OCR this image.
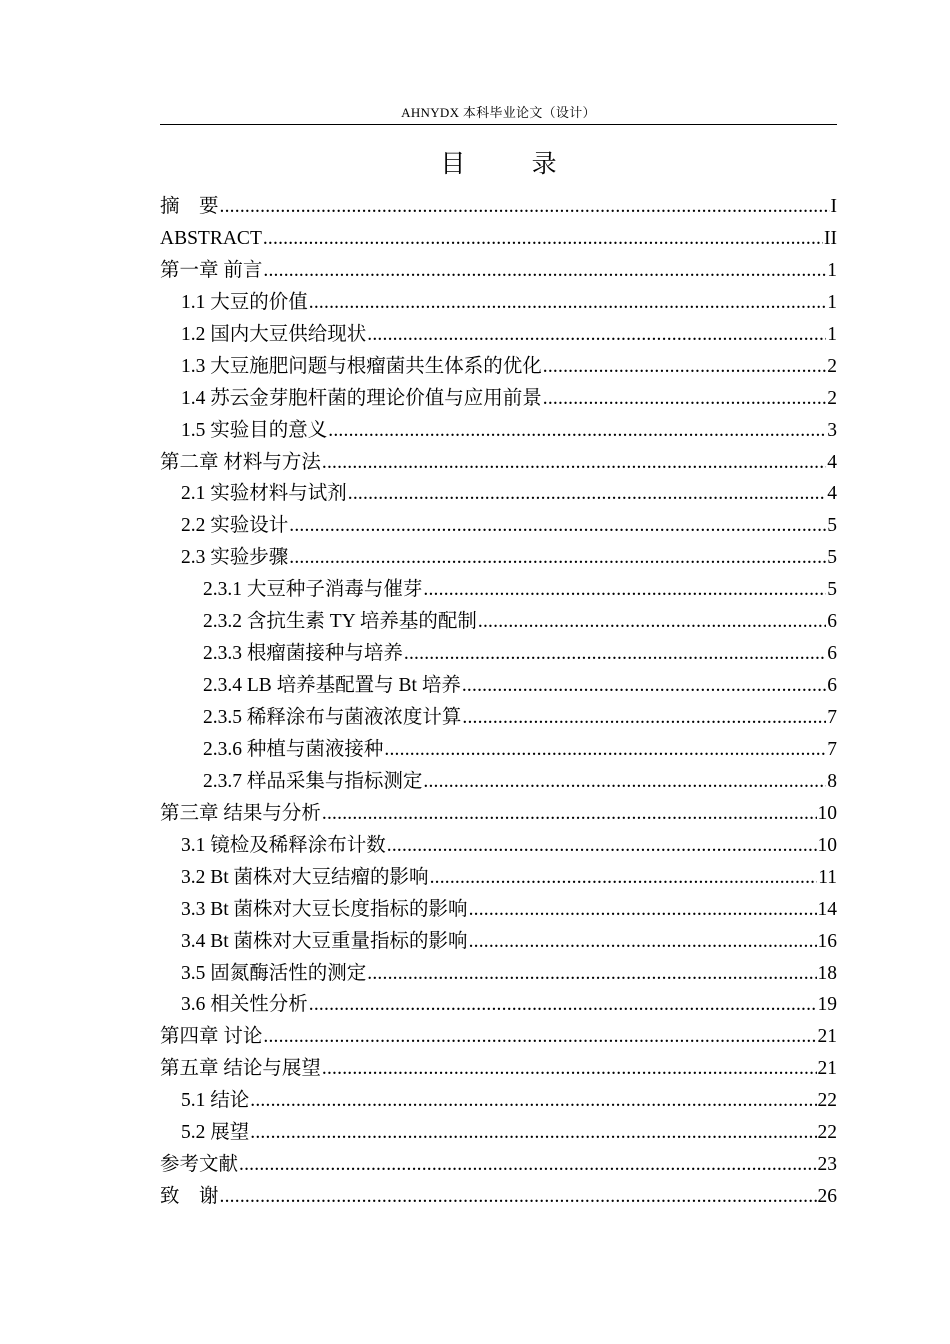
AHNYDX 本科毕业论文（设计）
目 录
摘　要 .....	I
ABSTRACT .....	II
第一章 前言 .....	1
1.1 大豆的价值 .....	1
1.2 国内大豆供给现状 .....	1
1.3 大豆施肥问题与根瘤菌共生体系的优化 .....	2
1.4 苏云金芽胞杆菌的理论价值与应用前景 .....	2
1.5 实验目的意义 .....	3
第二章 材料与方法 .....	4
2.1 实验材料与试剂 .....	4
2.2 实验设计 .....	5
2.3 实验步骤 .....	5
2.3.1 大豆种子消毒与催芽 .....	5
2.3.2 含抗生素 TY 培养基的配制 .....	6
2.3.3 根瘤菌接种与培养 .....	6
2.3.4 LB 培养基配置与 Bt 培养 .....	6
2.3.5 稀释涂布与菌液浓度计算 .....	7
2.3.6 种植与菌液接种 .....	7
2.3.7 样品采集与指标测定 .....	8
第三章 结果与分析 .....	10
3.1 镜检及稀释涂布计数 .....	10
3.2 Bt 菌株对大豆结瘤的影响 .....	11
3.3 Bt 菌株对大豆长度指标的影响 .....	14
3.4 Bt 菌株对大豆重量指标的影响 .....	16
3.5 固氮酶活性的测定 .....	18
3.6 相关性分析 .....	19
第四章 讨论 .....	21
第五章 结论与展望 .....	21
5.1 结论 .....	22
5.2 展望 .....	22
参考文献 .....	23
致　谢 .....	26
